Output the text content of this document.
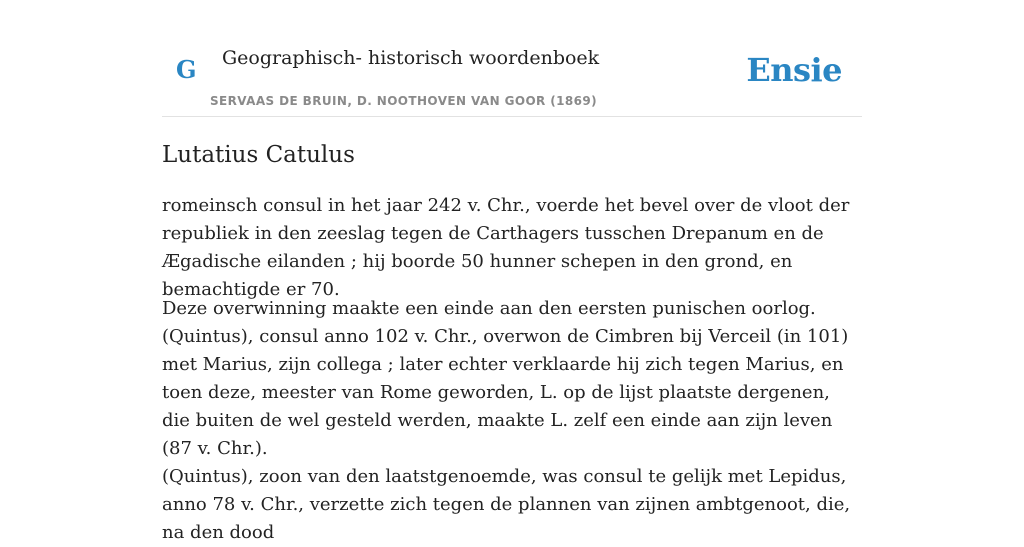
G Geographisch- historisch woordenboek
SERVAAS DE BRUIN, D. NOOTHOVEN VAN GOOR (1869)
Ensie
Lutatius Catulus

romeinsch consul in het jaar 242 v. Chr., voerde het bevel over de vloot der republiek in den zeeslag tegen de Carthagers tusschen Drepanum en de Ægadische eilanden ; hij boorde 50 hunner schepen in den grond, en bemachtigde er 70.

Deze overwinning maakte een einde aan den eersten punischen oorlog.(Quintus), consul anno 102 v. Chr., overwon de Cimbren bij Verceil (in 101) met Marius, zijn collega ; later echter verklaarde hij zich tegen Marius, en toen deze, meester van Rome geworden, L. op de lijst plaatste dergenen, die buiten de wel gesteld werden, maakte L. zelf een einde aan zijn leven (87 v. Chr.).

(Quintus), zoon van den laatstgenoemde, was consul te gelijk met Lepidus, anno 78 v. Chr., verzette zich tegen de plannen van zijnen ambtgenoot, die, na den dood
